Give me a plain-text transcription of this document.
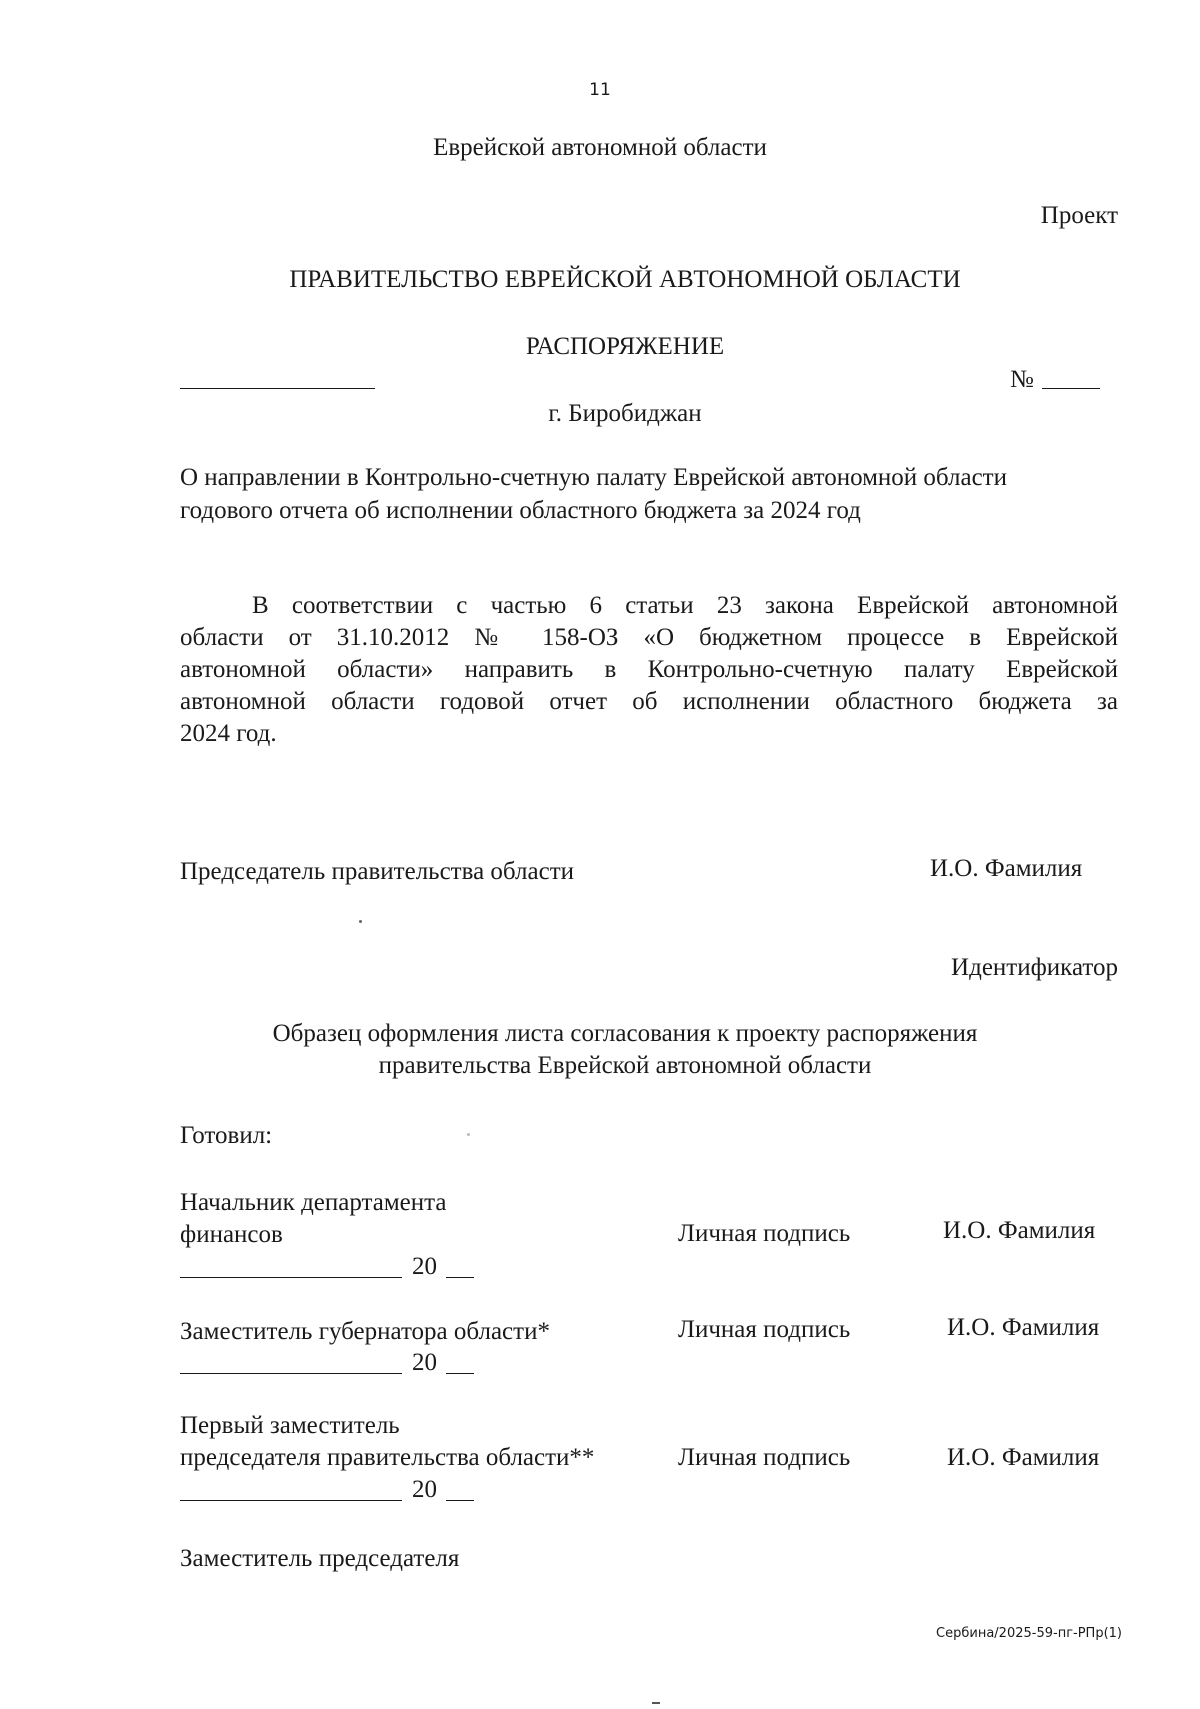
11
Еврейской автономной области
Проект
ПРАВИТЕЛЬСТВО ЕВРЕЙСКОЙ АВТОНОМНОЙ ОБЛАСТИ
РАСПОРЯЖЕНИЕ
№
г. Биробиджан
О направлении в Контрольно-счетную палату Еврейской автономной области
годового отчета об исполнении областного бюджета за 2024 год
В соответствии с частью 6 статьи 23 закона Еврейской автономной
области от 31.10.2012 № 158-ОЗ «О бюджетном процессе в Еврейской
автономной области» направить в Контрольно-счетную палату Еврейской
автономной области годовой отчет об исполнении областного бюджета за
2024 год.
Председатель правительства области	И.О. Фамилия
Идентификатор
Образец оформления листа согласования к проекту распоряжения
правительства Еврейской автономной области
Готовил:
Начальник департамента
финансов	Личная подпись	И.О. Фамилия
20
Заместитель губернатора области*	Личная подпись	И.О. Фамилия
20
Первый заместитель
председателя правительства области**	Личная подпись	И.О. Фамилия
20
Заместитель председателя
Сербина/2025-59-пг-РПр(1)
